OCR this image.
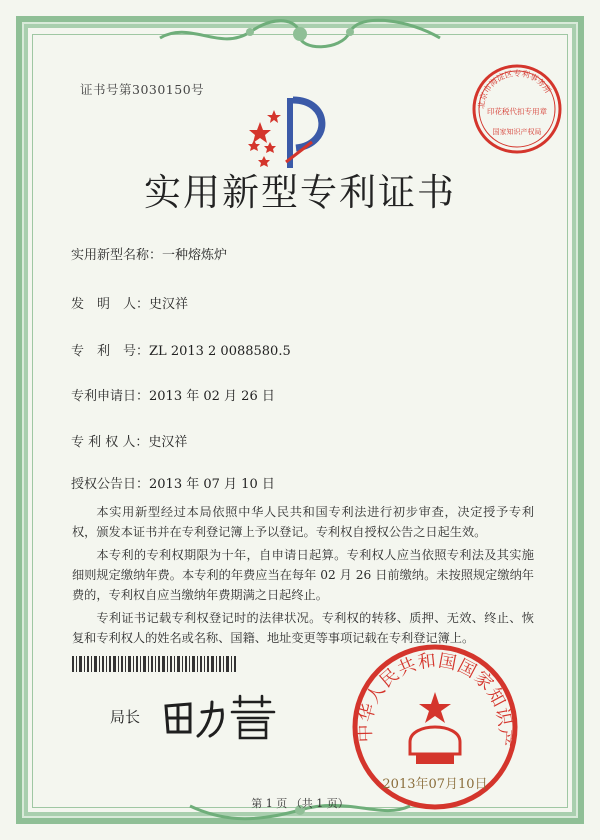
证书号第3030150号
北京市海淀区专利事务所
印花税代扣专用章
国家知识产权局
实用新型专利证书
实用新型名称：一种熔炼炉
发　明　人：史汉祥
专　利　号：ZL 2013 2 0088580.5
专利申请日：2013 年 02 月 26 日
专 利 权 人：史汉祥
授权公告日：2013 年 07 月 10 日

本实用新型经过本局依照中华人民共和国专利法进行初步审查，决定授予专利权，颁发本证书并在专利登记簿上予以登记。专利权自授权公告之日起生效。

本专利的专利权期限为十年，自申请日起算。专利权人应当依照专利法及其实施细则规定缴纳年费。本专利的年费应当在每年 02 月 26 日前缴纳。未按照规定缴纳年费的，专利权自应当缴纳年费期满之日起终止。

专利证书记载专利权登记时的法律状况。专利权的转移、质押、无效、终止、恢复和专利权人的姓名或名称、国籍、地址变更等事项记载在专利登记簿上。

局长
中华人民共和国国家知识产
2013年07月10日
第 1 页 （共 1 页）
